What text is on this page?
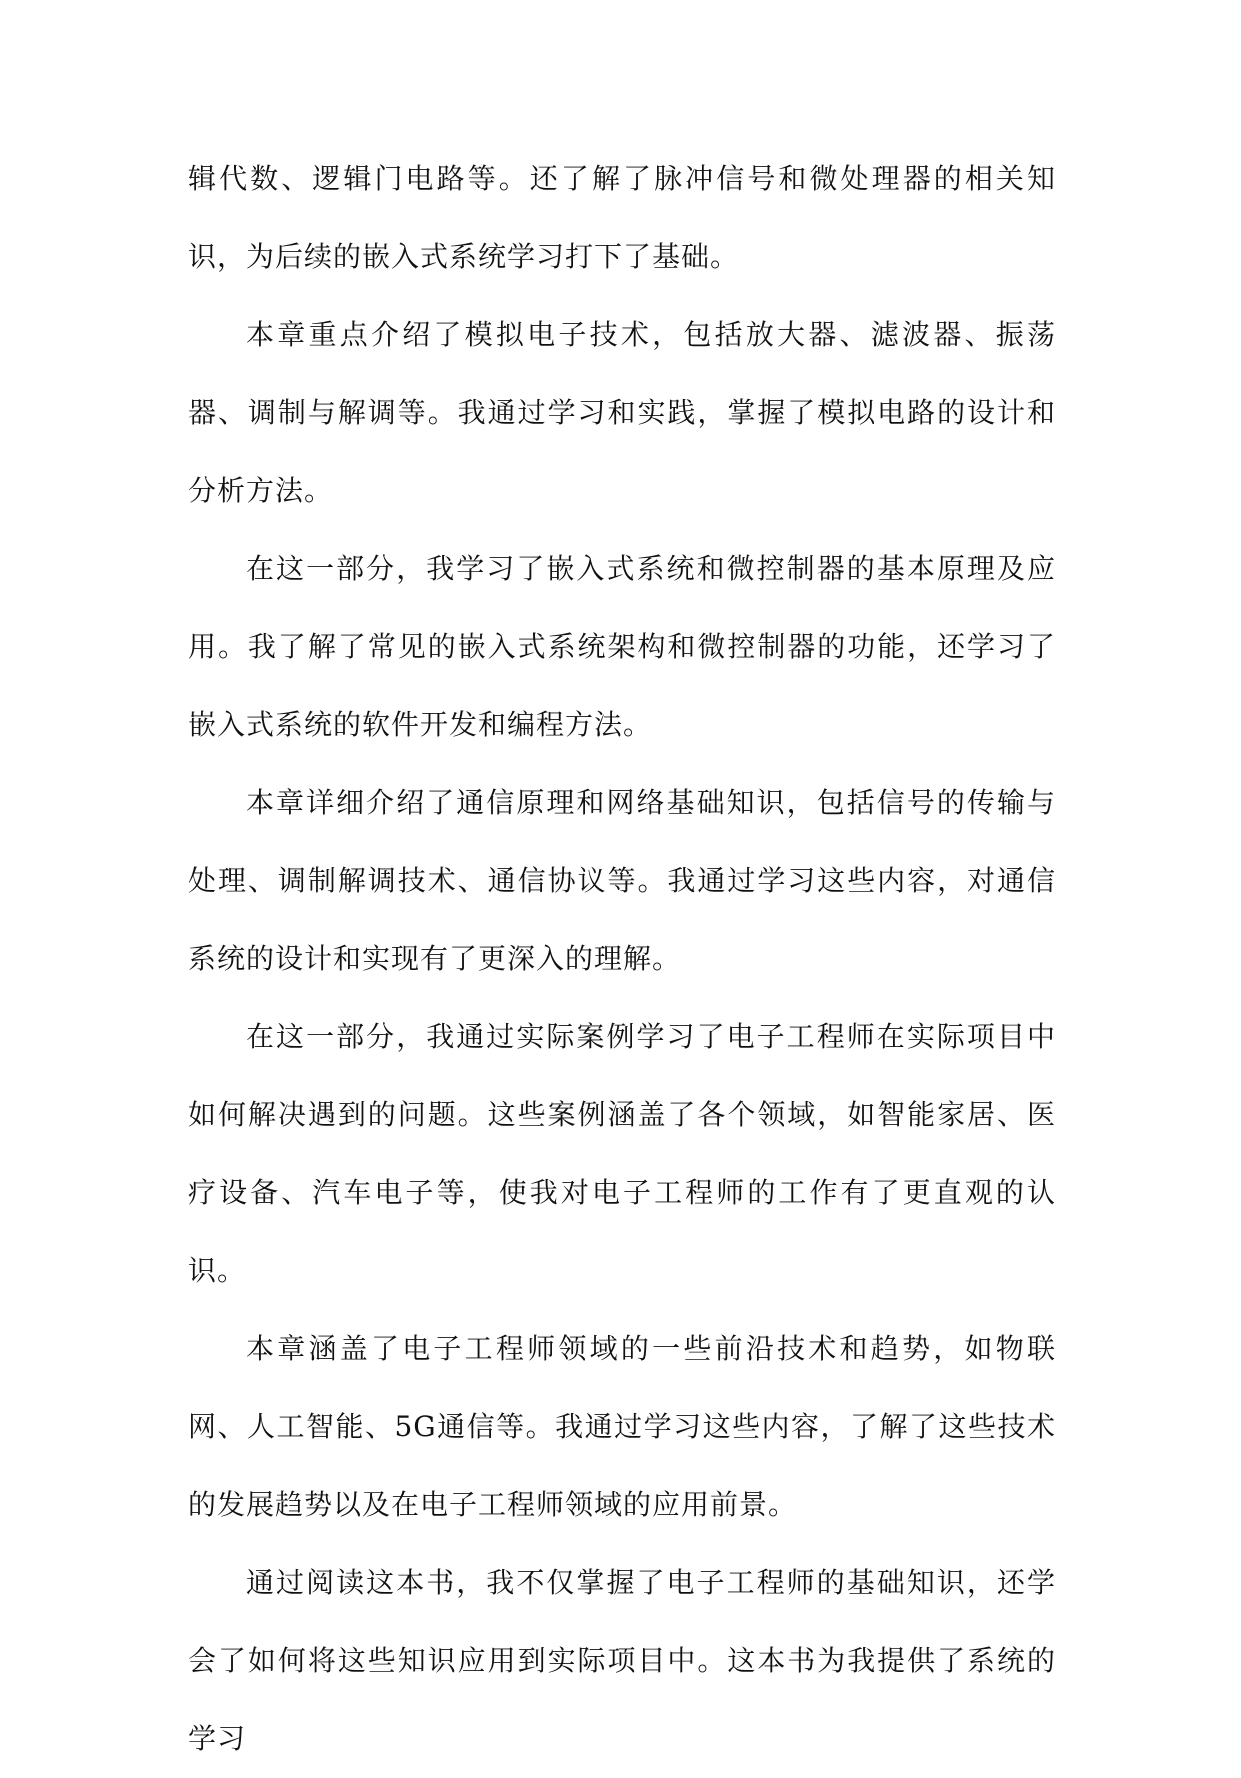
辑代数、逻辑门电路等。还了解了脉冲信号和微处理器的相关知识，为后续的嵌入式系统学习打下了基础。

本章重点介绍了模拟电子技术，包括放大器、滤波器、振荡器、调制与解调等。我通过学习和实践，掌握了模拟电路的设计和分析方法。

在这一部分，我学习了嵌入式系统和微控制器的基本原理及应用。我了解了常见的嵌入式系统架构和微控制器的功能，还学习了嵌入式系统的软件开发和编程方法。

本章详细介绍了通信原理和网络基础知识，包括信号的传输与处理、调制解调技术、通信协议等。我通过学习这些内容，对通信系统的设计和实现有了更深入的理解。

在这一部分，我通过实际案例学习了电子工程师在实际项目中如何解决遇到的问题。这些案例涵盖了各个领域，如智能家居、医疗设备、汽车电子等，使我对电子工程师的工作有了更直观的认识。

本章涵盖了电子工程师领域的一些前沿技术和趋势，如物联网、人工智能、5G通信等。我通过学习这些内容，了解了这些技术的发展趋势以及在电子工程师领域的应用前景。

通过阅读这本书，我不仅掌握了电子工程师的基础知识，还学会了如何将这些知识应用到实际项目中。这本书为我提供了系统的学习
